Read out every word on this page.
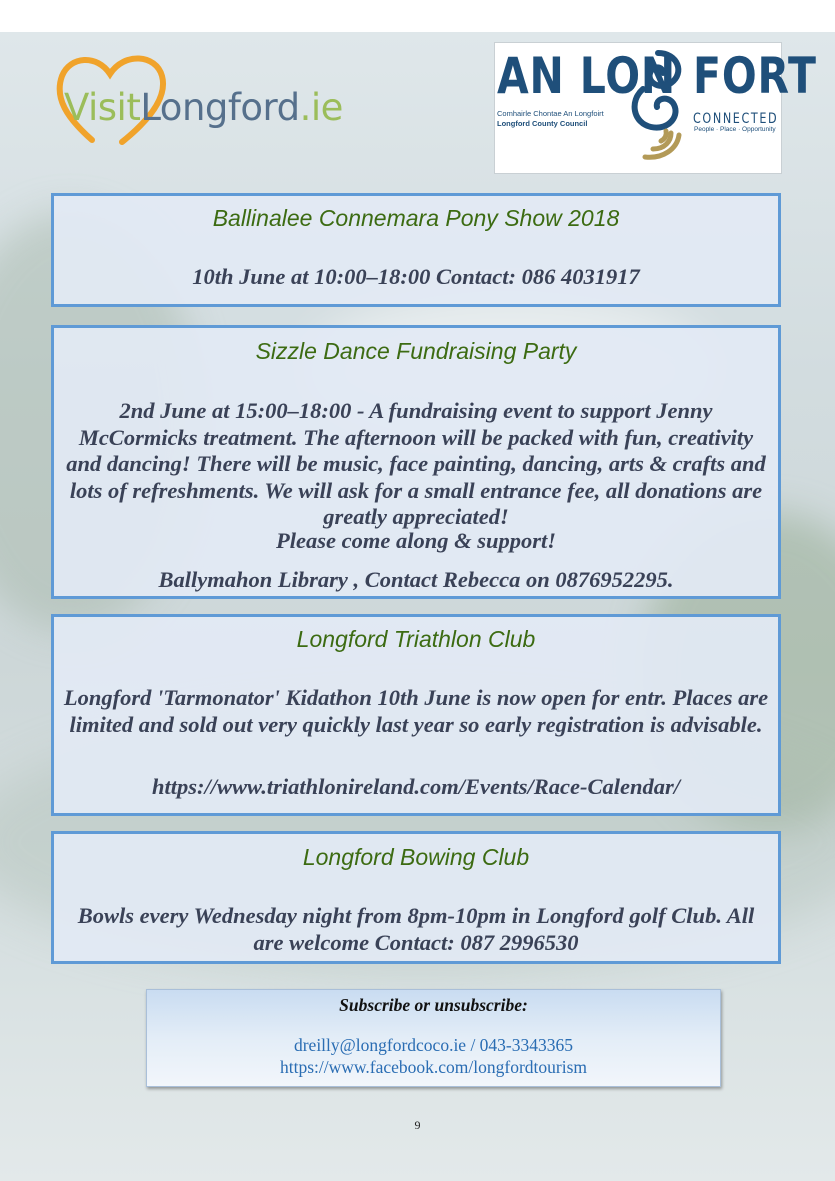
VisitLongford.ie
AN LON FORT
Comhairle Chontae An Longfoirt
Longford County Council	CONNECTED
People · Place · Opportunity
Ballinalee Connemara Pony Show 2018
10th June at 10:00–18:00 Contact: 086 4031917
Sizzle Dance Fundraising Party
2nd June at 15:00–18:00 - A fundraising event to support Jenny McCormicks treatment. The afternoon will be packed with fun, creativity and dancing! There will be music, face painting, dancing, arts & crafts and lots of refreshments. We will ask for a small entrance fee, all donations are greatly appreciated!
Please come along & support!
Ballymahon Library , Contact Rebecca on 0876952295.
Longford Triathlon Club
Longford 'Tarmonator' Kidathon 10th June is now open for entr. Places are limited and sold out very quickly last year so early registration is advisable.
https://www.triathlonireland.com/Events/Race-Calendar/
Longford Bowing Club
Bowls every Wednesday night from 8pm-10pm in Longford golf Club. All are welcome Contact: 087 2996530
Subscribe or unsubscribe:
dreilly@longfordcoco.ie / 043-3343365
https://www.facebook.com/longfordtourism
9
